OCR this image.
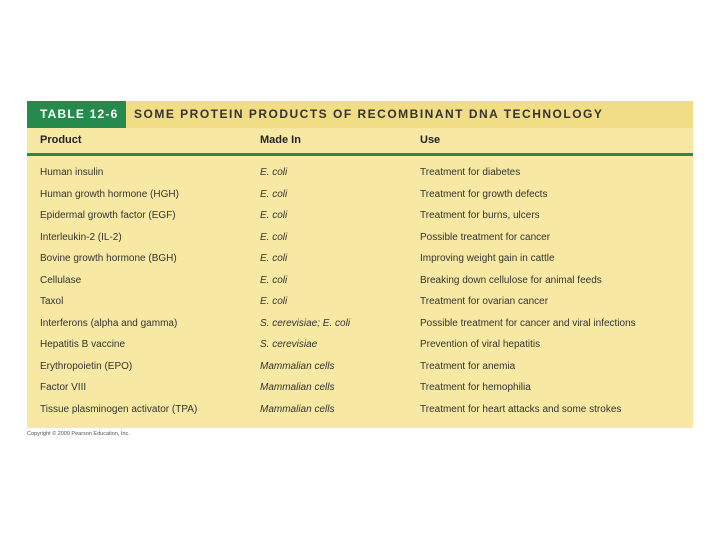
TABLE 12-6	SOME PROTEIN PRODUCTS OF RECOMBINANT DNA TECHNOLOGY
Product	Made In	Use
Human insulin	E. coli	Treatment for diabetes
Human growth hormone (HGH)	E. coli	Treatment for growth defects
Epidermal growth factor (EGF)	E. coli	Treatment for burns, ulcers
Interleukin-2 (IL-2)	E. coli	Possible treatment for cancer
Bovine growth hormone (BGH)	E. coli	Improving weight gain in cattle
Cellulase	E. coli	Breaking down cellulose for animal feeds
Taxol	E. coli	Treatment for ovarian cancer
Interferons (alpha and gamma)	S. cerevisiae; E. coli	Possible treatment for cancer and viral infections
Hepatitis B vaccine	S. cerevisiae	Prevention of viral hepatitis
Erythropoietin (EPO)	Mammalian cells	Treatment for anemia
Factor VIII	Mammalian cells	Treatment for hemophilia
Tissue plasminogen activator (TPA)	Mammalian cells	Treatment for heart attacks and some strokes
Copyright © 2009 Pearson Education, Inc.
